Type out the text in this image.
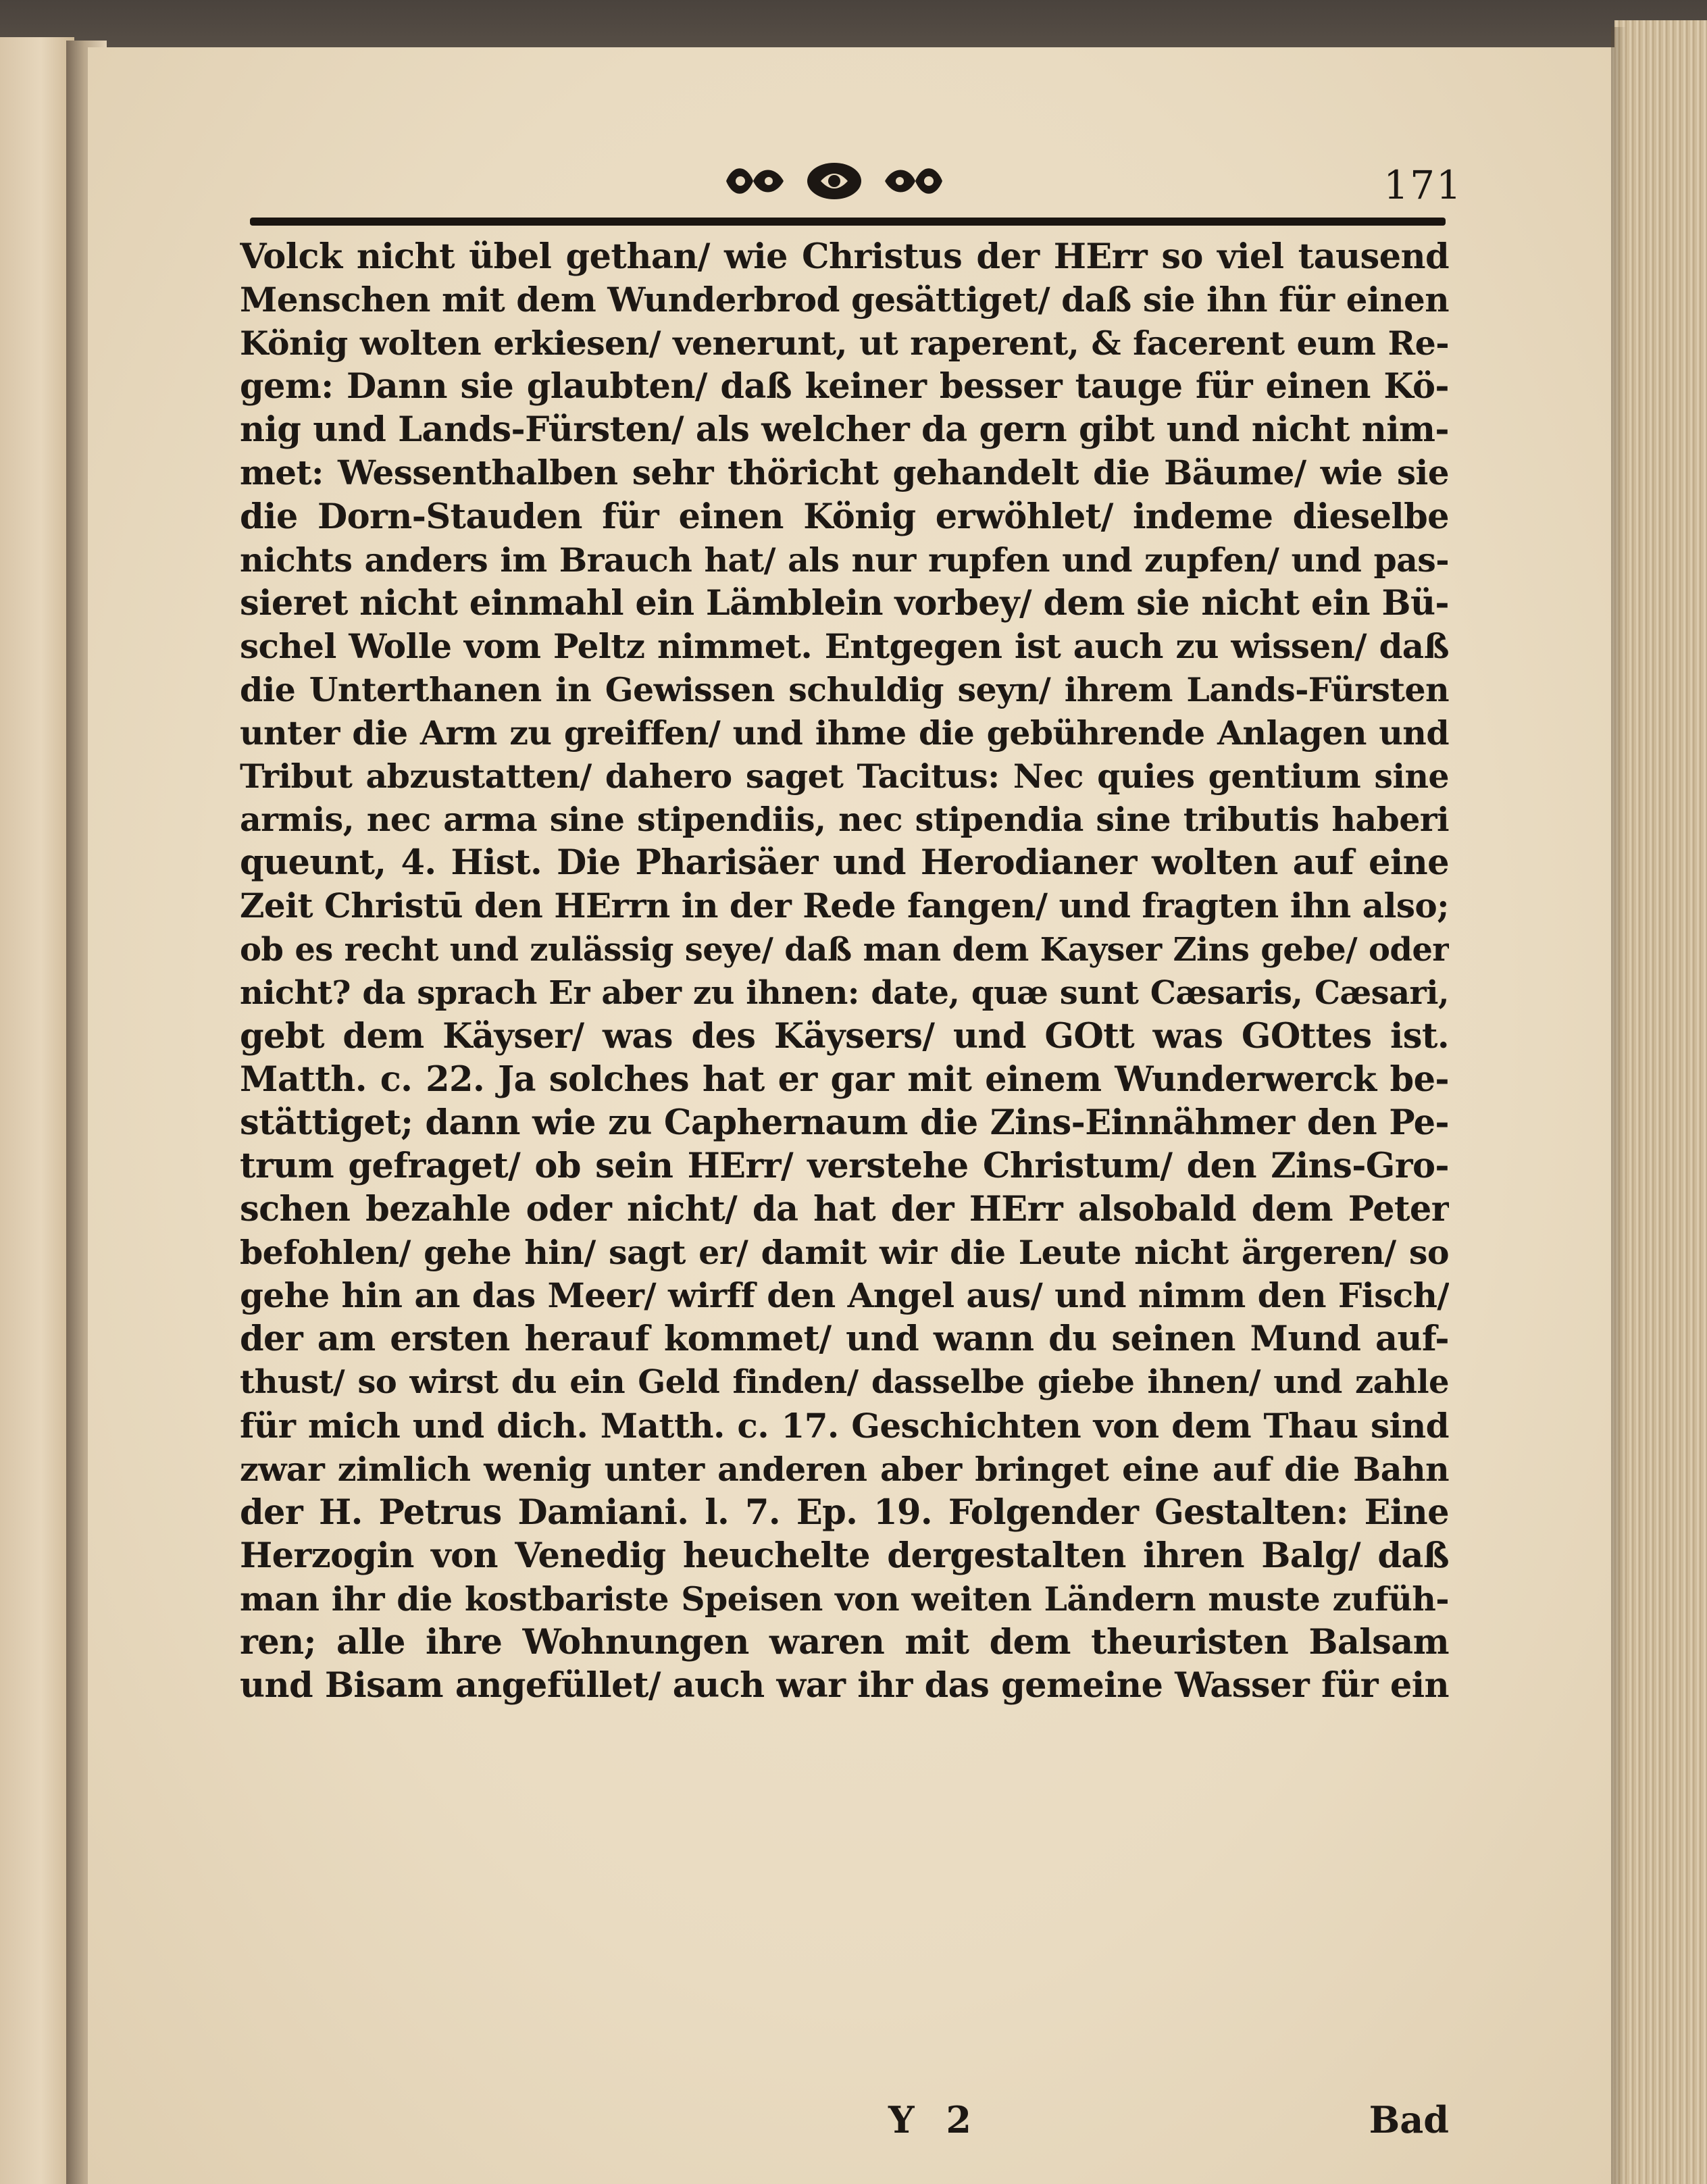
171
Volck nicht übel gethan/ wie Christus der HErr so viel tausend
Menschen mit dem Wunderbrod gesättiget/ daß sie ihn für einen
König wolten erkiesen/ venerunt, ut raperent, & facerent eum Re-
gem: Dann sie glaubten/ daß keiner besser tauge für einen Kö-
nig und Lands-Fürsten/ als welcher da gern gibt und nicht nim-
met: Wessenthalben sehr thöricht gehandelt die Bäume/ wie sie
die Dorn-Stauden für einen König erwöhlet/ indeme dieselbe
nichts anders im Brauch hat/ als nur rupfen und zupfen/ und pas-
sieret nicht einmahl ein Lämblein vorbey/ dem sie nicht ein Bü-
schel Wolle vom Peltz nimmet. Entgegen ist auch zu wissen/ daß
die Unterthanen in Gewissen schuldig seyn/ ihrem Lands-Fürsten
unter die Arm zu greiffen/ und ihme die gebührende Anlagen und
Tribut abzustatten/ dahero saget Tacitus: Nec quies gentium sine
armis, nec arma sine stipendiis, nec stipendia sine tributis haberi
queunt, 4. Hist. Die Pharisäer und Herodianer wolten auf eine
Zeit Christū den HErrn in der Rede fangen/ und fragten ihn also;
ob es recht und zulässig seye/ daß man dem Kayser Zins gebe/ oder
nicht? da sprach Er aber zu ihnen: date, quæ sunt Cæsaris, Cæsari,
gebt dem Käyser/ was des Käysers/ und GOtt was GOttes ist.
Matth. c. 22. Ja solches hat er gar mit einem Wunderwerck be-
stättiget; dann wie zu Caphernaum die Zins-Einnähmer den Pe-
trum gefraget/ ob sein HErr/ verstehe Christum/ den Zins-Gro-
schen bezahle oder nicht/ da hat der HErr alsobald dem Peter
befohlen/ gehe hin/ sagt er/ damit wir die Leute nicht ärgeren/ so
gehe hin an das Meer/ wirff den Angel aus/ und nimm den Fisch/
der am ersten herauf kommet/ und wann du seinen Mund auf-
thust/ so wirst du ein Geld finden/ dasselbe giebe ihnen/ und zahle
für mich und dich. Matth. c. 17. Geschichten von dem Thau sind
zwar zimlich wenig unter anderen aber bringet eine auf die Bahn
der H. Petrus Damiani. l. 7. Ep. 19. Folgender Gestalten: Eine
Herzogin von Venedig heuchelte dergestalten ihren Balg/ daß
man ihr die kostbariste Speisen von weiten Ländern muste zufüh-
ren; alle ihre Wohnungen waren mit dem theuristen Balsam
und Bisam angefüllet/ auch war ihr das gemeine Wasser für ein
Y 2	Bad
